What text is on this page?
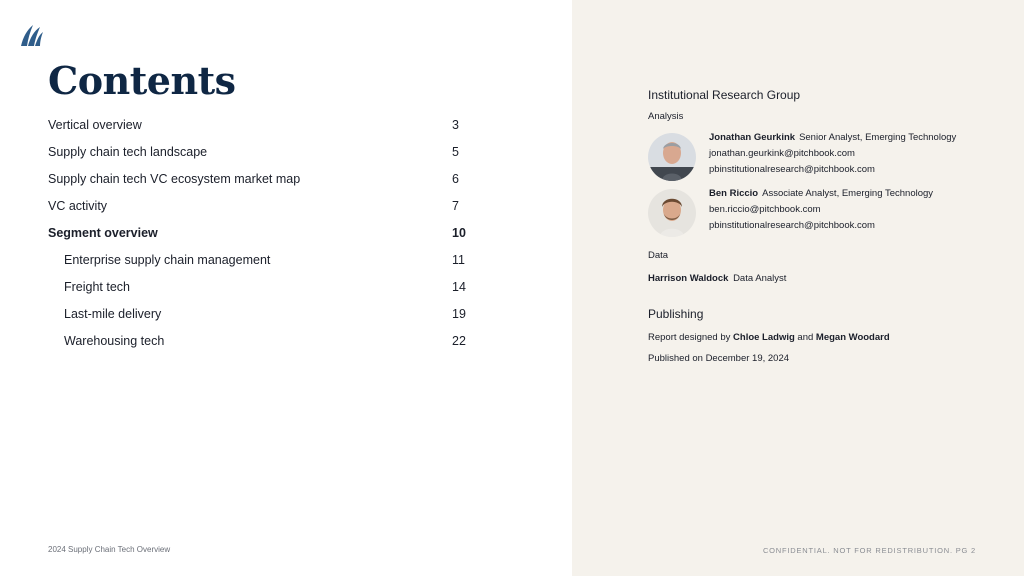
Contents
Vertical overview	3
Supply chain tech landscape	5
Supply chain tech VC ecosystem market map	6
VC activity	7
Segment overview	10
Enterprise supply chain management	11
Freight tech	14
Last-mile delivery	19
Warehousing tech	22
2024 Supply Chain Tech Overview
Institutional Research Group
Analysis
Jonathan Geurkink Senior Analyst, Emerging Technology
jonathan.geurkink@pitchbook.com
pbinstitutionalresearch@pitchbook.com
Ben Riccio Associate Analyst, Emerging Technology
ben.riccio@pitchbook.com
pbinstitutionalresearch@pitchbook.com
Data
Harrison Waldock Data Analyst
Publishing
Report designed by Chloe Ladwig and Megan Woodard
Published on December 19, 2024
CONFIDENTIAL. NOT FOR REDISTRIBUTION. PG 2
